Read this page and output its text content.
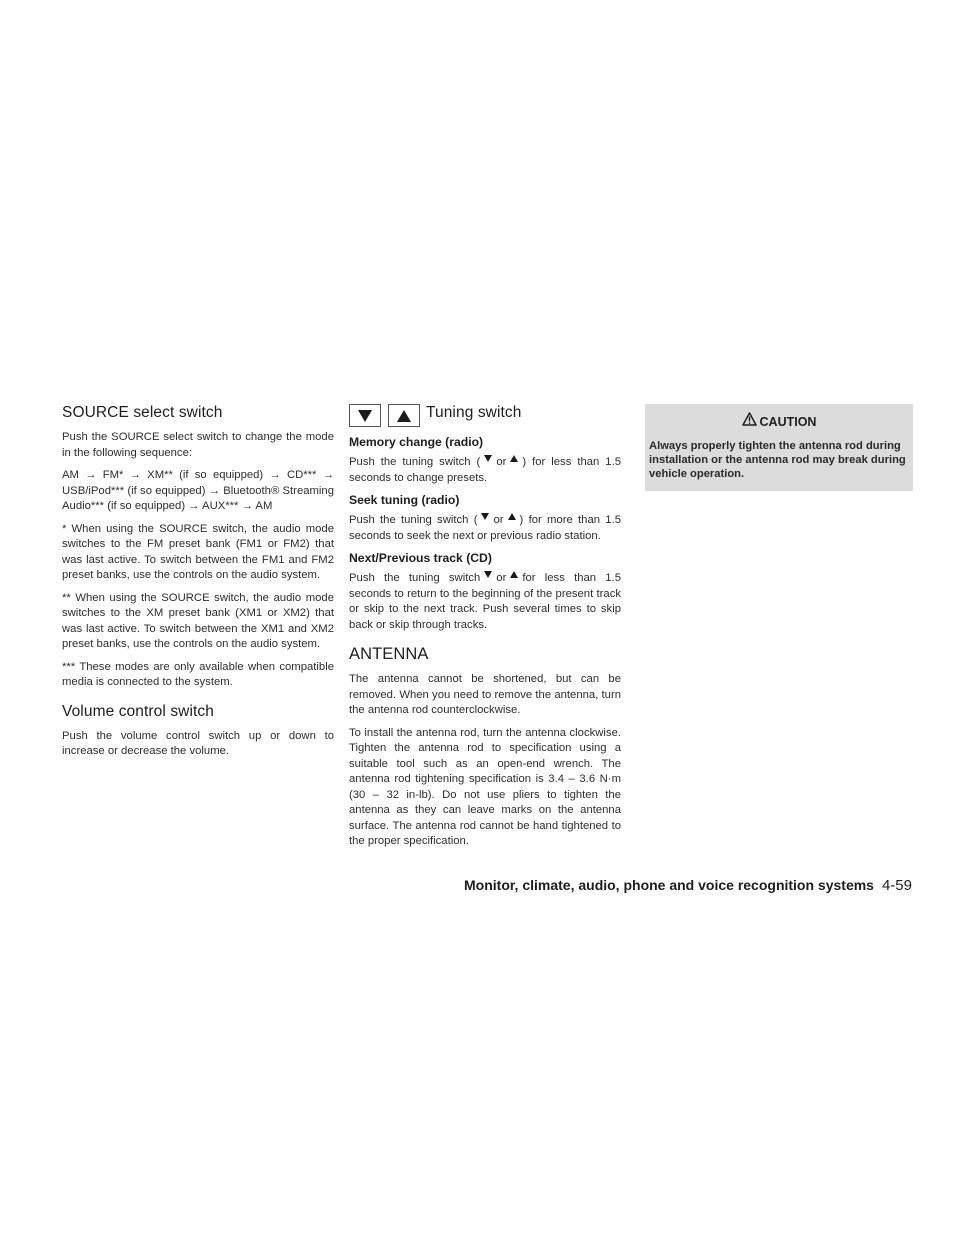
SOURCE select switch

Push the SOURCE select switch to change the mode in the following sequence:

AM → FM* → XM** (if so equipped) → CD*** → USB/iPod*** (if so equipped) → Bluetooth® Streaming Audio*** (if so equipped) → AUX*** → AM

* When using the SOURCE switch, the audio mode switches to the FM preset bank (FM1 or FM2) that was last active. To switch between the FM1 and FM2 preset banks, use the controls on the audio system.

** When using the SOURCE switch, the audio mode switches to the XM preset bank (XM1 or XM2) that was last active. To switch between the XM1 and XM2 preset banks, use the controls on the audio system.

*** These modes are only available when compatible media is connected to the system.

Volume control switch

Push the volume control switch up or down to increase or decrease the volume.

Tuning switch
Memory change (radio)

Push the tuning switch ( or ) for less than 1.5 seconds to change presets.

Seek tuning (radio)

Push the tuning switch ( or ) for more than 1.5 seconds to seek the next or previous radio station.

Next/Previous track (CD)

Push the tuning switch or for less than 1.5 seconds to return to the beginning of the present track or skip to the next track. Push several times to skip back or skip through tracks.

ANTENNA

The antenna cannot be shortened, but can be removed. When you need to remove the antenna, turn the antenna rod counterclockwise.

To install the antenna rod, turn the antenna clockwise. Tighten the antenna rod to specification using a suitable tool such as an open-end wrench. The antenna rod tightening specification is 3.4 – 3.6 N·m (30 – 32 in-lb). Do not use pliers to tighten the antenna as they can leave marks on the antenna surface. The antenna rod cannot be hand tightened to the proper specification.

CAUTION

Always properly tighten the antenna rod during installation or the antenna rod may break during vehicle operation.

Monitor, climate, audio, phone and voice recognition systems 4-59
